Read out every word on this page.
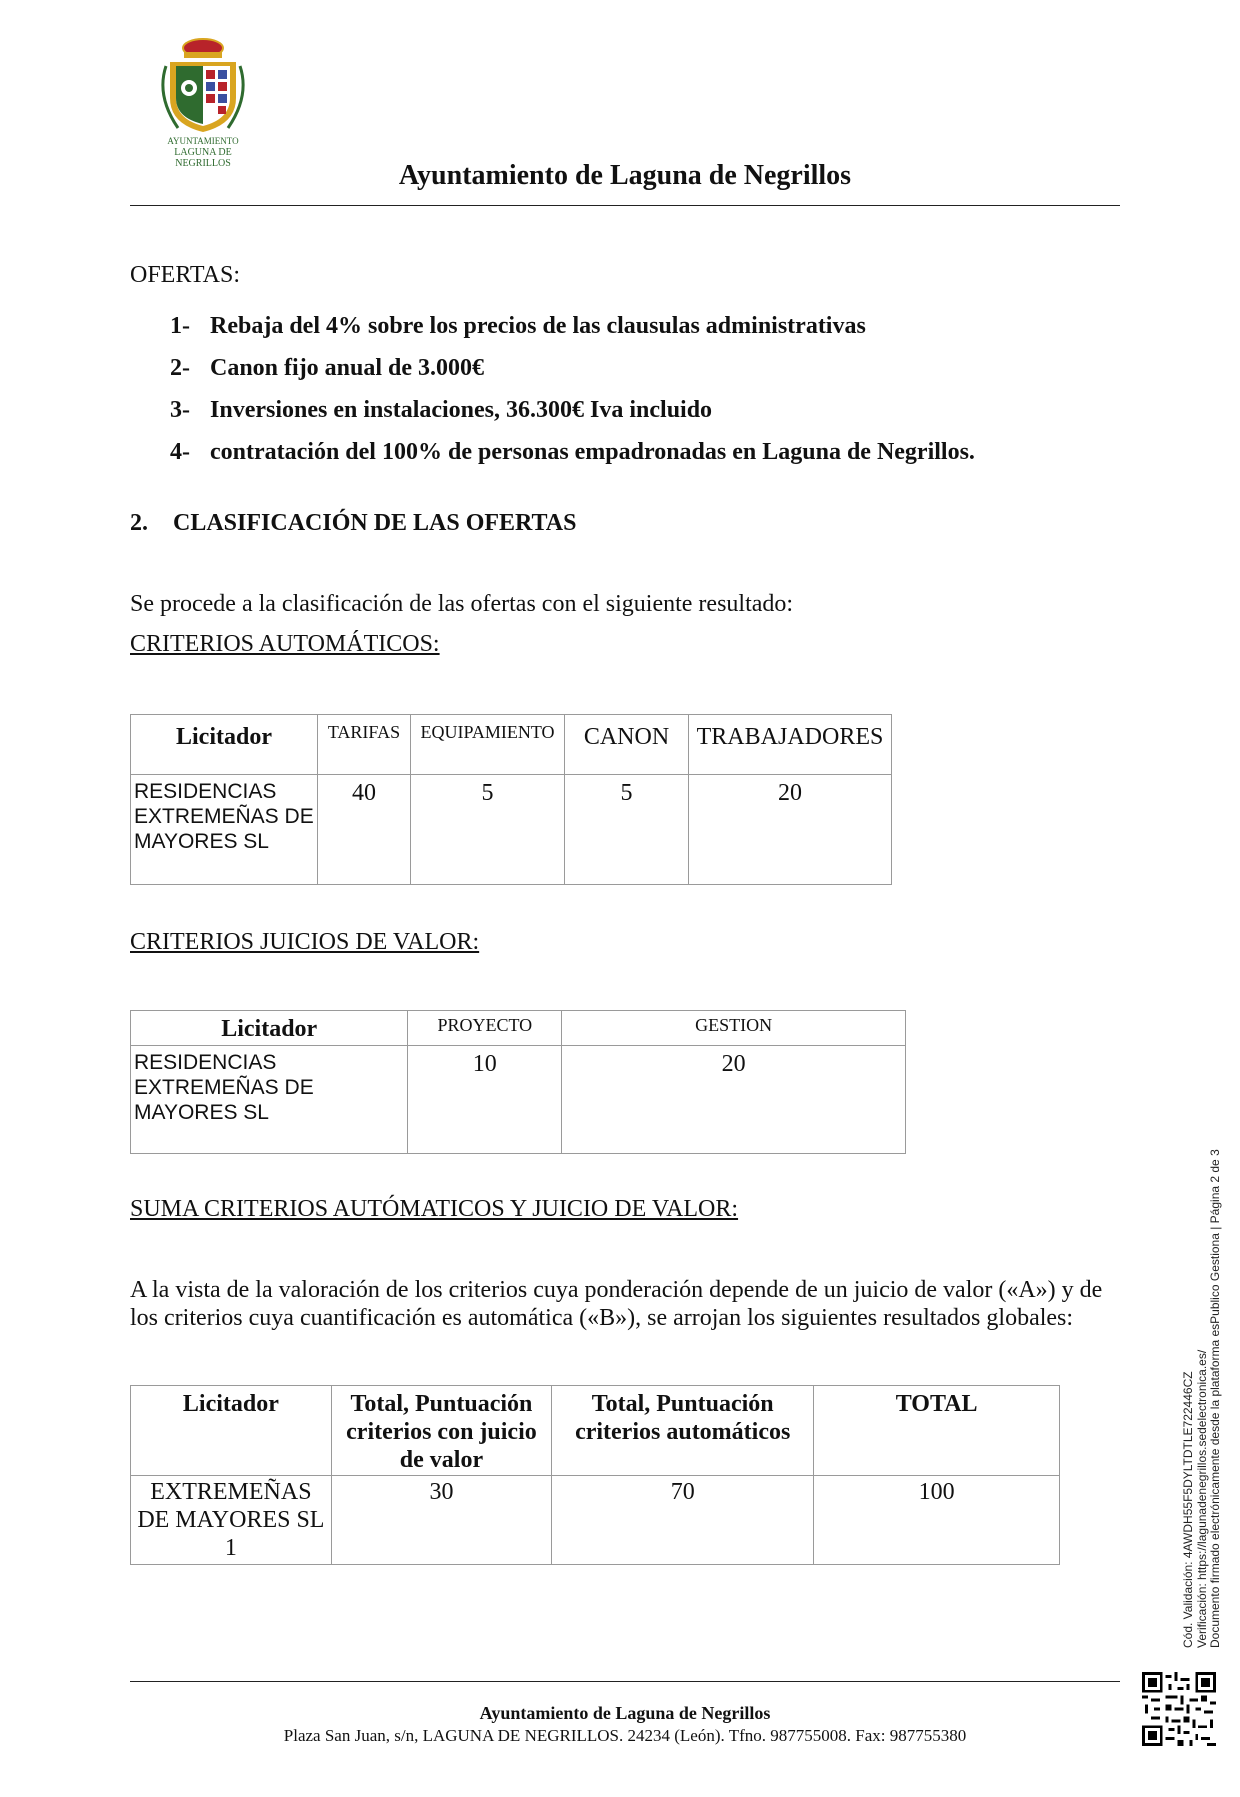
AYUNTAMIENTO
LAGUNA DE NEGRILLOS	Ayuntamiento de Laguna de Negrillos
OFERTAS:
1- Rebaja del 4% sobre los precios de las clausulas administrativas
2- Canon fijo anual de 3.000€
3- Inversiones en instalaciones, 36.300€ Iva incluido
4- contratación del 100% de personas empadronadas en Laguna de Negrillos.
2. CLASIFICACIÓN DE LAS OFERTAS
Se procede a la clasificación de las ofertas con el siguiente resultado:
CRITERIOS AUTOMÁTICOS:
Licitador	TARIFAS	EQUIPAMIENTO	CANON	TRABAJADORES

RESIDENCIAS EXTREMEÑAS DE MAYORES SL	40	5	5	20
CRITERIOS JUICIOS DE VALOR:
Licitador	PROYECTO	GESTION

RESIDENCIAS EXTREMEÑAS DE MAYORES SL	10	20
SUMA CRITERIOS AUTÓMATICOS Y JUICIO DE VALOR:
A la vista de la valoración de los criterios cuya ponderación depende de un juicio de valor («A») y de los criterios cuya cuantificación es automática («B»), se arrojan los siguientes resultados globales:
Licitador	Total, Puntuación criterios con juicio de valor	Total, Puntuación criterios automáticos	TOTAL

EXTREMEÑAS DE MAYORES SL 1	30	70	100
Ayuntamiento de Laguna de Negrillos
Plaza San Juan, s/n, LAGUNA DE NEGRILLOS. 24234 (León). Tfno. 987755008. Fax: 987755380
Cód. Validación: 4AWDH55F5DYLTDTLE722446CZ Verificación: https://lagunadenegrillos.sedelectronica.es/ Documento firmado electrónicamente desde la plataforma esPublico Gestiona | Página 2 de 3
